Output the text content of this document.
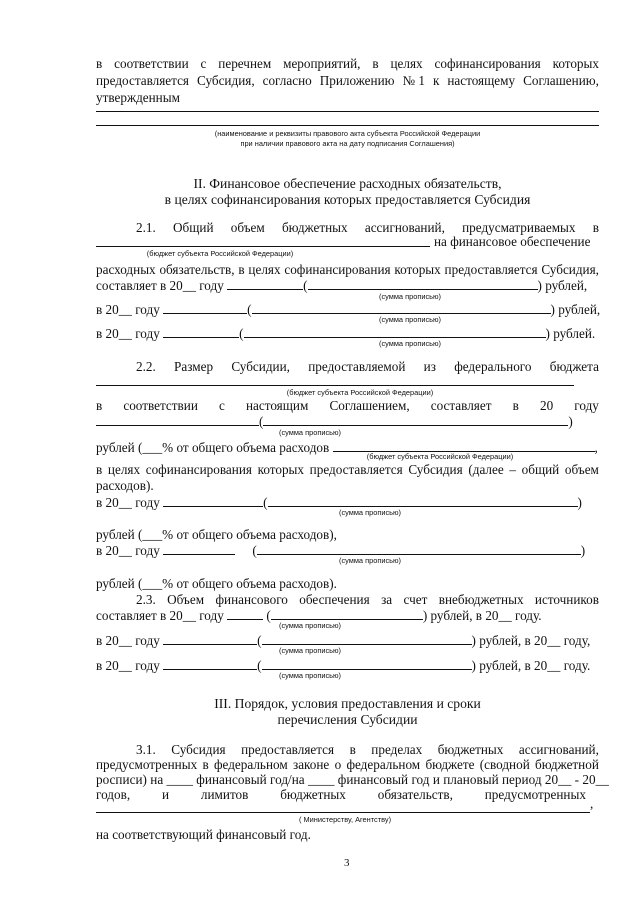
в соответствии с перечнем мероприятий, в целях софинансирования которых
предоставляется Субсидия, согласно Приложению № 1 к настоящему Соглашению,
утвержденным
(наименование и реквизиты правового акта субъекта Российской Федерации
при наличии правового акта на дату подписания Соглашения)
II. Финансовое обеспечение расходных обязательств,
в целях софинансирования которых предоставляется Субсидия
2.1. Общий объем бюджетных ассигнований, предусматриваемых в
на финансовое обеспечение
(бюджет субъекта Российской Федерации)
расходных обязательств, в целях софинансирования которых предоставляется Субсидия,
составляет в 20__ году	(	) рублей,
(сумма прописью)
в 20__ году	(	) рублей,
(сумма прописью)
в 20__ году	(	) рублей.
(сумма прописью)
2.2. Размер Субсидии, предоставляемой из федерального бюджета
(бюджет субъекта Российской Федерации)
в соответствии с настоящим Соглашением, составляет в 20 году
(	)
(сумма прописью)
рублей (___% от общего объема расходов	,
(бюджет субъекта Российской Федерации)
в целях софинансирования которых предоставляется Субсидия (далее – общий объем
расходов).
в 20__ году	(	)
(сумма прописью)
рублей (___% от общего объема расходов),
в 20__ году	(	)
(сумма прописью)
рублей (___% от общего объема расходов).
2.3. Объем финансового обеспечения за счет внебюджетных источников
составляет в 20__ году	(	) рублей, в 20__ году.
(сумма прописью)
в 20__ году	(	) рублей, в 20__ году,
(сумма прописью)
в 20__ году	(	) рублей, в 20__ году.
(сумма прописью)
III. Порядок, условия предоставления и сроки
перечисления Субсидии
3.1. Субсидия предоставляется в пределах бюджетных ассигнований,
предусмотренных в федеральном законе о федеральном бюджете (сводной бюджетной
росписи) на ____ финансовый год/на ____ финансовый год и плановый период 20__ - 20__
годов, и лимитов бюджетных обязательств, предусмотренных
,
( Министерству, Агентству)
на соответствующий финансовый год.
3
